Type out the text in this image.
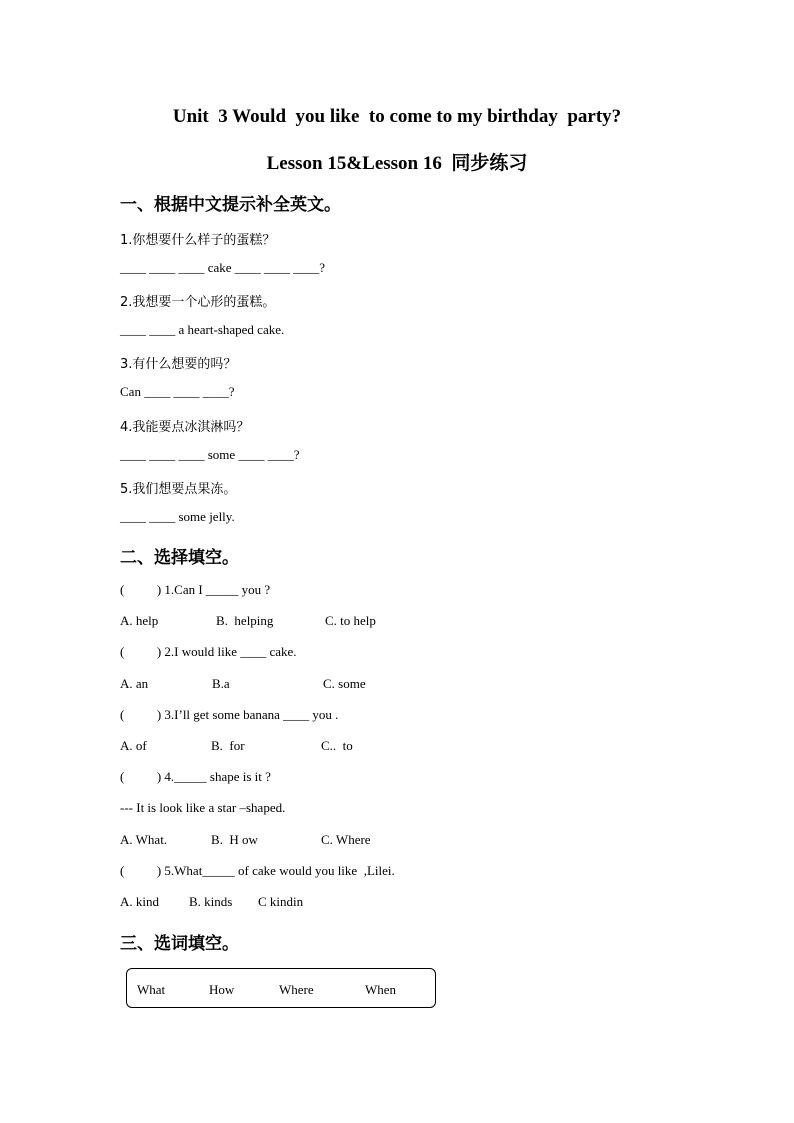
Unit  3 Would  you like  to come to my birthday  party?
Lesson 15&Lesson 16  同步练习
一、根据中文提示补全英文。
1.你想要什么样子的蛋糕？
____ ____ ____ cake ____ ____ ____?
2.我想要一个心形的蛋糕。
____ ____ a heart-shaped cake.
3.有什么想要的吗？
Can ____ ____ ____?
4.我能要点冰淇淋吗？
____ ____ ____ some ____ ____?
5.我们想要点果冻。
____ ____ some jelly.
二、选择填空。
(          ) 1.Can I _____ you ?
A. help	B.  helping	C. to help
(          ) 2.I would like ____ cake.
A. an	B.a	C. some
(          ) 3.I’ll get some banana ____ you .
A. of	B.  for	C..  to
(          ) 4._____ shape is it ?
--- It is look like a star –shaped.
A. What.	B.  H ow	C. Where
(          ) 5.What_____ of cake would you like  ,Lilei.
A. kind B. kinds C kindin
三、选词填空。
What	How	Where	When
